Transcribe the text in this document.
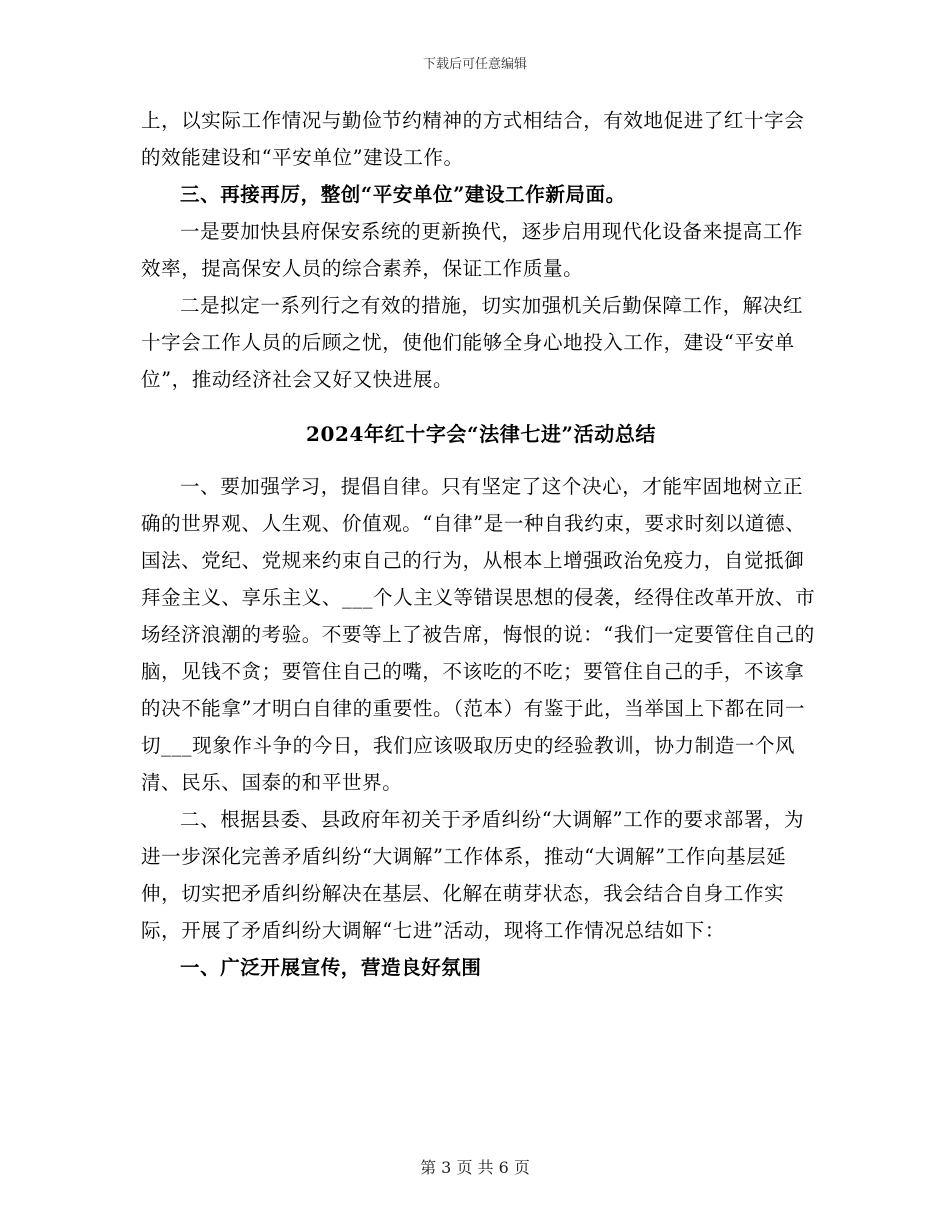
下载后可任意编辑

上，以实际工作情况与勤俭节约精神的方式相结合，有效地促进了红十字会的效能建设和“平安单位”建设工作。

三、再接再厉，整创“平安单位”建设工作新局面。

一是要加快县府保安系统的更新换代，逐步启用现代化设备来提高工作效率，提高保安人员的综合素养，保证工作质量。

二是拟定一系列行之有效的措施，切实加强机关后勤保障工作，解决红十字会工作人员的后顾之忧，使他们能够全身心地投入工作，建设“平安单位”，推动经济社会又好又快进展。

2024年红十字会“法律七进”活动总结

一、要加强学习，提倡自律。只有坚定了这个决心，才能牢固地树立正确的世界观、人生观、价值观。“自律”是一种自我约束，要求时刻以道德、国法、党纪、党规来约束自己的行为，从根本上增强政治免疫力，自觉抵御拜金主义、享乐主义、___个人主义等错误思想的侵袭，经得住改革开放、市场经济浪潮的考验。不要等上了被告席，悔恨的说：“我们一定要管住自己的脑，见钱不贪；要管住自己的嘴，不该吃的不吃；要管住自己的手，不该拿的决不能拿”才明白自律的重要性。（范本）有鉴于此，当举国上下都在同一切___现象作斗争的今日，我们应该吸取历史的经验教训，协力制造一个风清、民乐、国泰的和平世界。

二、根据县委、县政府年初关于矛盾纠纷“大调解”工作的要求部署，为进一步深化完善矛盾纠纷“大调解”工作体系，推动“大调解”工作向基层延伸，切实把矛盾纠纷解决在基层、化解在萌芽状态，我会结合自身工作实际，开展了矛盾纠纷大调解“七进”活动，现将工作情况总结如下：

一、广泛开展宣传，营造良好氛围

第 3 页 共 6 页
